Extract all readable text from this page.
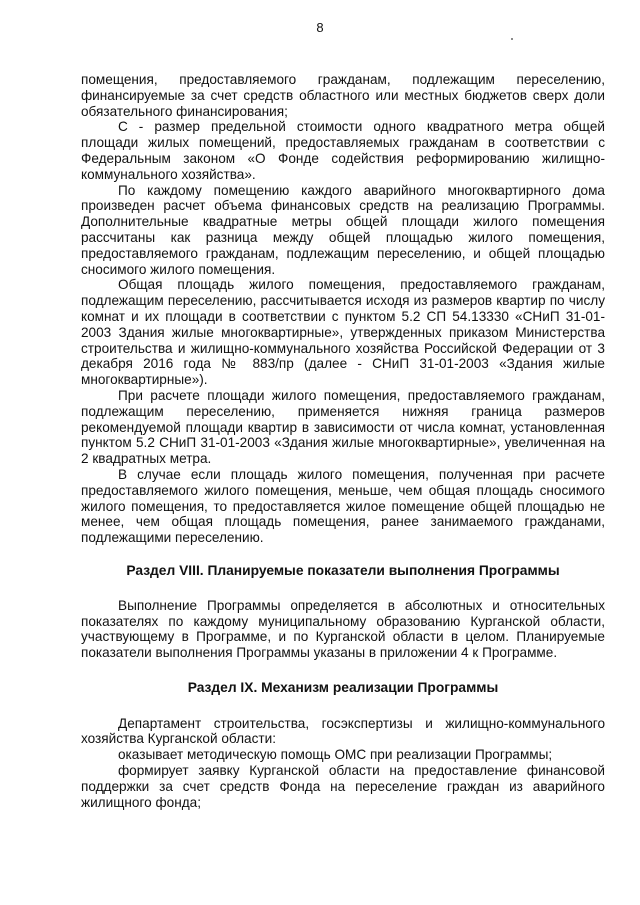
8

помещения, предоставляемого гражданам, подлежащим переселению, финансируемые за счет средств областного или местных бюджетов сверх доли обязательного финансирования;

С - размер предельной стоимости одного квадратного метра общей площади жилых помещений, предоставляемых гражданам в соответствии с Федеральным законом «О Фонде содействия реформированию жилищно-коммунального хозяйства».

По каждому помещению каждого аварийного многоквартирного дома произведен расчет объема финансовых средств на реализацию Программы. Дополнительные квадратные метры общей площади жилого помещения рассчитаны как разница между общей площадью жилого помещения, предоставляемого гражданам, подлежащим переселению, и общей площадью сносимого жилого помещения.

Общая площадь жилого помещения, предоставляемого гражданам, подлежащим переселению, рассчитывается исходя из размеров квартир по числу комнат и их площади в соответствии с пунктом 5.2 СП 54.13330 «СНиП 31-01-2003 Здания жилые многоквартирные», утвержденных приказом Министерства строительства и жилищно-коммунального хозяйства Российской Федерации от 3 декабря 2016 года № 883/пр (далее - СНиП 31-01-2003 «Здания жилые многоквартирные»).

При расчете площади жилого помещения, предоставляемого гражданам, подлежащим переселению, применяется нижняя граница размеров рекомендуемой площади квартир в зависимости от числа комнат, установленная пунктом 5.2 СНиП 31-01-2003 «Здания жилые многоквартирные», увеличенная на 2 квадратных метра.

В случае если площадь жилого помещения, полученная при расчете предоставляемого жилого помещения, меньше, чем общая площадь сносимого жилого помещения, то предоставляется жилое помещение общей площадью не менее, чем общая площадь помещения, ранее занимаемого гражданами, подлежащими переселению.

Раздел VIII. Планируемые показатели выполнения Программы

Выполнение Программы определяется в абсолютных и относительных показателях по каждому муниципальному образованию Курганской области, участвующему в Программе, и по Курганской области в целом. Планируемые показатели выполнения Программы указаны в приложении 4 к Программе.

Раздел IX. Механизм реализации Программы

Департамент строительства, госэкспертизы и жилищно-коммунального хозяйства Курганской области:

оказывает методическую помощь ОМС при реализации Программы;

формирует заявку Курганской области на предоставление финансовой поддержки за счет средств Фонда на переселение граждан из аварийного жилищного фонда;
